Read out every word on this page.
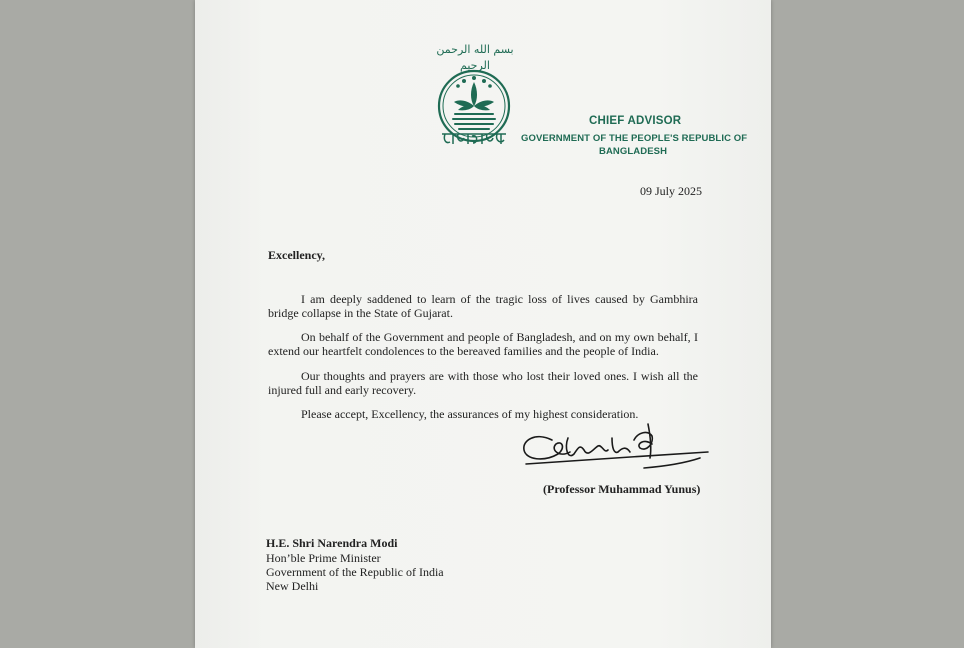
بسم الله الرحمن الرحيم
CHIEF ADVISOR
GOVERNMENT OF THE PEOPLE'S REPUBLIC OF
BANGLADESH
09 July 2025
Excellency,
I am deeply saddened to learn of the tragic loss of lives caused by Gambhira bridge collapse in the State of Gujarat.
On behalf of the Government and people of Bangladesh, and on my own behalf, I extend our heartfelt condolences to the bereaved families and the people of India.
Our thoughts and prayers are with those who lost their loved ones. I wish all the injured full and early recovery.
Please accept, Excellency, the assurances of my highest consideration.
(Professor Muhammad Yunus)
H.E. Shri Narendra Modi
Hon’ble Prime Minister
Government of the Republic of India
New Delhi
